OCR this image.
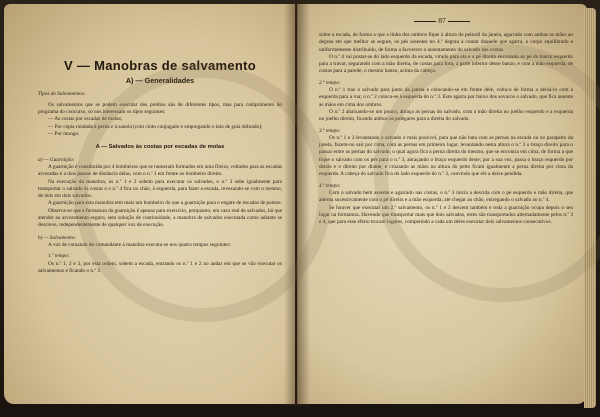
V — Manobras de salvamento
A) — Generalidades

Tipos de Salvamentos:

Os salvamentos que se podem executar dos prédios são de diferentes tipos, mas para cumprimento do programa do concurso, só nos interessam os tipos seguintes:

— As costas por escadas de molas;

— Por cepia rondada à perna e à sanola (com cinto conjugado e empregando o laio de guia dobrado);

— Por mongo.

A — Salvados às costas por escadas de molas

a) — Guarnição:

A guarnição é constituída por 4 bombeiros que se numeram formados em uma fileira, voltados para as escadas arvoradas e a dois passos de distância delas, com o n.º 1 em frente ao bombeiro direito.

Na execução da manobra, os n.º 1 e 2 sobem para executar os salvados, o n.º 3 sobe igualmente para transportar o salvado às costas e o n.º 4 fica no chão, à esquerda, para fazer a escada, revezando-se com o mesmo, de dois em dois salvados.

A guarnição para esta manobra tem mais um bombeiro do que a guarnição para o engate de escadas de pontos.

Observa-se que a formatura da guarnição é apenas para exercício, porquanto, em caso real de salvados, há que atender ao arvoramento seguro, sem solução de continuidade, a manobra de salvados executada como adiante se descreve, independentemente de qualquer voz de execução.

b) — Salvamento:

A voz de comando do comandante à manobra executa-se nos quatro tempos seguintes:

1.º tempo:

Os n.º 1, 2 e 3, por esta ordem, sobem a escada, entrando os n.º 1 e 2 no andar em que se vão executar os salvamentos e ficando o n.º 3

87

sobre a escada, de forma a que a linha dos ombros fique à altura do peitoril da janela, agarrado com ambas as mãos ao degrau em que melhor se segure, os pés assentes no 4.º degrau a contar daquele que agarra, o corpo equilibrado e uniformemente distribuído, de forma a favorecer o assentamento do salvado nas costas.

O n.º 4 vai postar-se do lado esquerdo da escada, virado para ela e o pé direito encostado ao pé do banzo esquerdo para a travar, segurando com a mão direita, de costas para fora, a parte inferior desse banzo, e com a mão esquerda, de costas para a parede, o mesmo banzo, acima da cabeça.

2.º tempo:

O n.º 1 traz o salvado para junto da janela e colocando-se em frente dele, volta-o de forma a deixá-lo com a esquerda para a rua; o n.º 2 coloca-se à esquerda do n.º 3. Este agarra por baixo dos sovacos o salvado, que fica assente as mãos em cima dos ombros.

O n.º 2 abaixando-se um pouco, abraça as pernas do salvado, com a mão direita no joelho esquerdo e a esquerda no joelho direito, ficando ambos os polegares para a direita do salvado.

3.º tempo:

Os n.º 1 e 2 levantando o salvado o mais possível, para que não bata com as pernas na escada ou no parapeito da janela, fazem-no sair por cima, com as pernas em primeiro lugar, levantando nesta altura o n.º 3 o braço direito para o passar entre as pernas do salvado, o qual agora fica a perna direita do mesmo, que se encontra em cima, de forma a que fique o salvado com os pés para o n.º 3, abraçando o braço esquerdo deste; por a sua vez, passa o braço esquerdo por detrás e o direito por diante, e cruzando as mãos na altura do peito ficam igualmente a perna direita por cima da esquerda. A cabeça do salvado fica do lado esquerdo do n.º 3, convindo que ele a deixe pendida.

4.º tempo:

Com o salvado bem assente e agarrado nas costas, o n.º 3 inicia a descida com o pé esquerdo e mão direita, que alterna sucessivamente com o pé direito e a mão esquerda; até chegar ao chão, entregando o salvado ao n.º 4.

Se houver que executar um 2.º salvamento, os n.º 1 e 2 descem também e toda a guarnição ocupa depois o seu lugar na formatura. Havendo que transportar mais que dois salvados, estes são transportados alternadamente pelos n.º 3 e 4, que para esse efeito trocam lugares, competindo a cada um deles executar dois salvamentos consecutivos.
